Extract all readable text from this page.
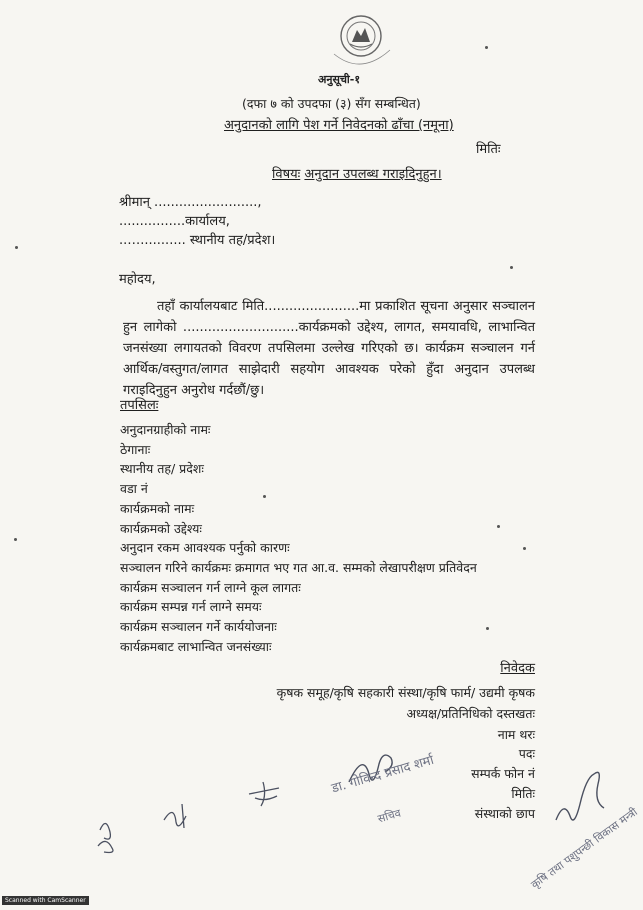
अनुसूची-१
(दफा ७ को उपदफा (३) सँग सम्बन्धित)
अनुदानको लागि पेश गर्ने निवेदनको ढाँचा (नमूना)
मितिः
विषयः अनुदान उपलब्ध गराइदिनुहुन।
श्रीमान् .........................,
................कार्यालय,
..…........... स्थानीय तह/प्रदेश।
महोदय,
तहाँ कार्यालयबाट मिति.......................मा प्रकाशित सूचना अनुसार सञ्चालन हुन लागेको ............................कार्यक्रमको उद्देश्य, लागत, समयावधि, लाभान्वित जनसंख्या लगायतको विवरण तपसिलमा उल्लेख गरिएको छ। कार्यक्रम सञ्चालन गर्न आर्थिक/वस्तुगत/लागत साझेदारी सहयोग आवश्यक परेको हुँदा अनुदान उपलब्ध गराइदिनुहुन अनुरोध गर्दछौं/छु।
तपसिलः
अनुदानग्राहीको नामः
ठेगानाः
स्थानीय तह/ प्रदेशः
वडा नं
कार्यक्रमको नामः
कार्यक्रमको उद्देश्यः
अनुदान रकम आवश्यक पर्नुको कारणः
सञ्चालन गरिने कार्यक्रमः क्रमागत भए गत आ.व. सम्मको लेखापरीक्षण प्रतिवेदन
कार्यक्रम सञ्चालन गर्न लाग्ने कूल लागतः
कार्यक्रम सम्पन्न गर्न लाग्ने समयः
कार्यक्रम सञ्चालन गर्ने कार्ययोजनाः
कार्यक्रमबाट लाभान्वित जनसंख्याः
निवेदक
कृषक समूह/कृषि सहकारी संस्था/कृषि फार्म/ उद्यमी कृषक
अध्यक्ष/प्रतिनिधिको दस्तखतः
नाम थरः
पदः
सम्पर्क फोन नं
मितिः
संस्थाको छाप
डा. गोविन्द प्रसाद शर्मा
सचिव	कृषि तथा पशुपन्छी विकास मन्त्री
Scanned with CamScanner
